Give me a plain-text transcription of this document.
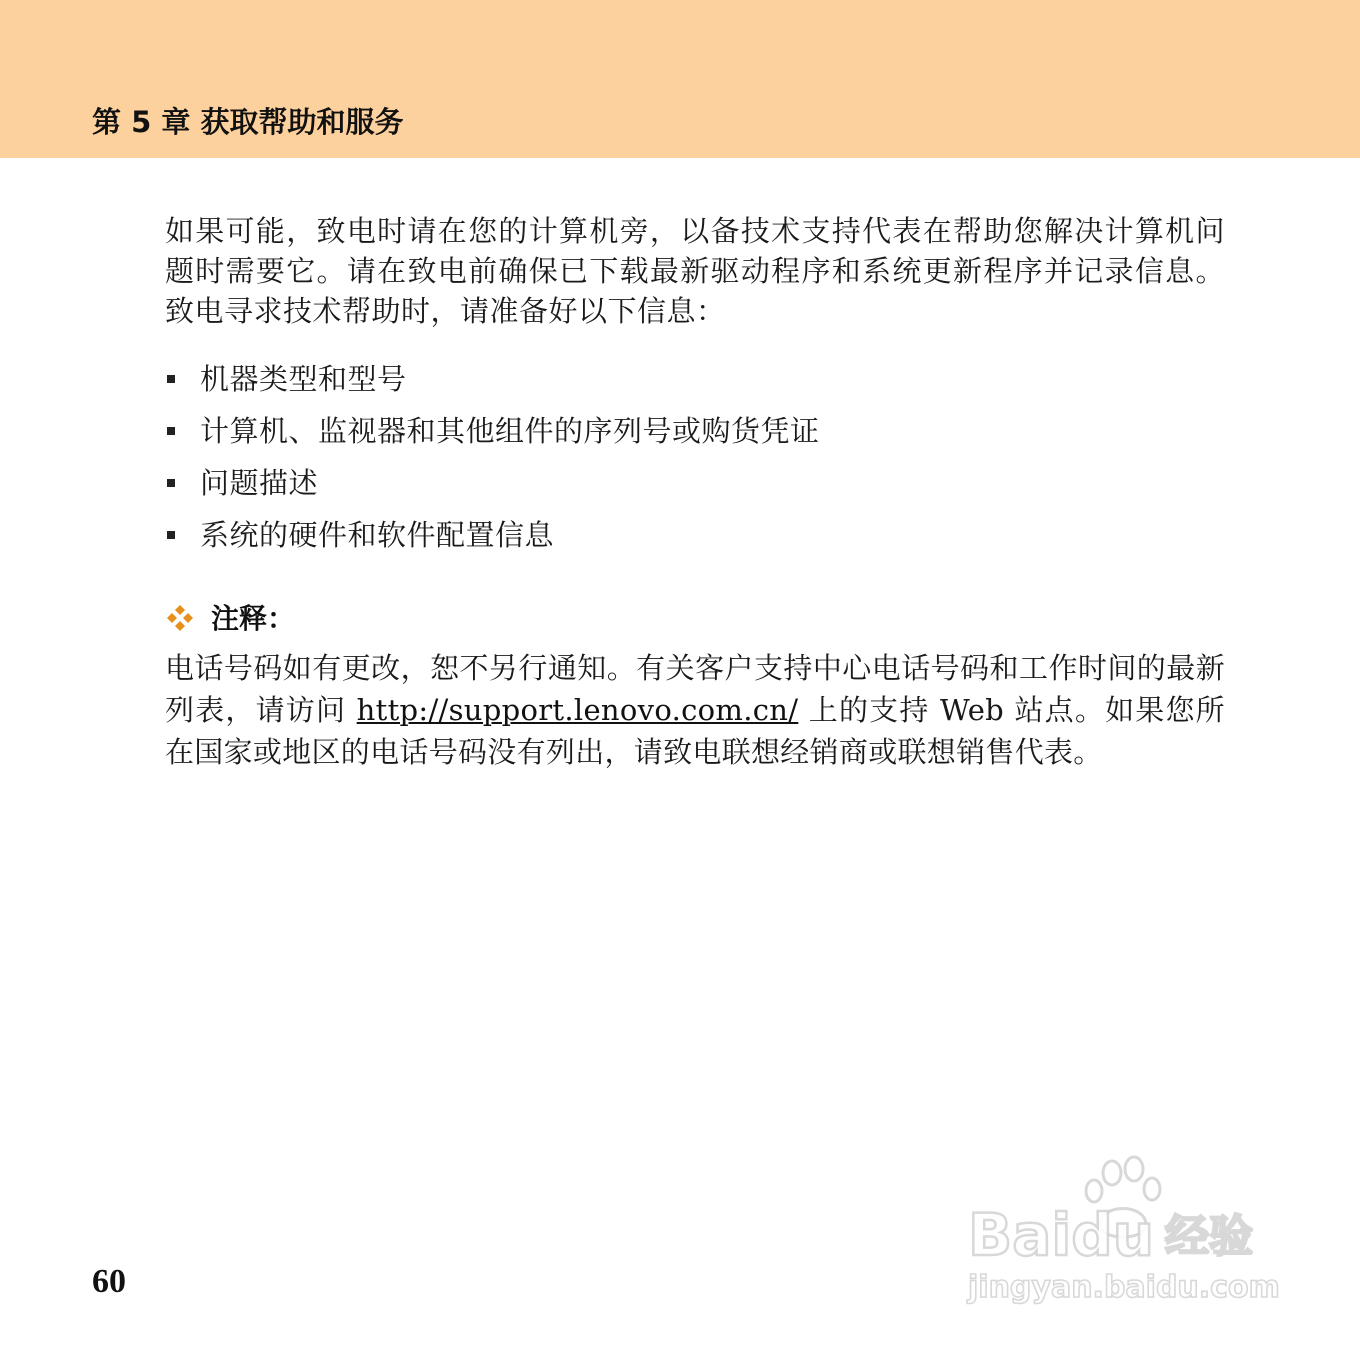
第 5 章 获取帮助和服务

如果可能，致电时请在您的计算机旁，以备技术支持代表在帮助您解决计算机问题时需要它。请在致电前确保已下载最新驱动程序和系统更新程序并记录信息。致电寻求技术帮助时，请准备好以下信息：

机器类型和型号
计算机、监视器和其他组件的序列号或购货凭证
问题描述
系统的硬件和软件配置信息
注释：

电话号码如有更改，恕不另行通知。有关客户支持中心电话号码和工作时间的最新列表，请访问 http://support.lenovo.com.cn/ 上的支持 Web 站点。如果您所在国家或地区的电话号码没有列出，请致电联想经销商或联想销售代表。

60
Baidu 经验
jingyan.baidu.com
